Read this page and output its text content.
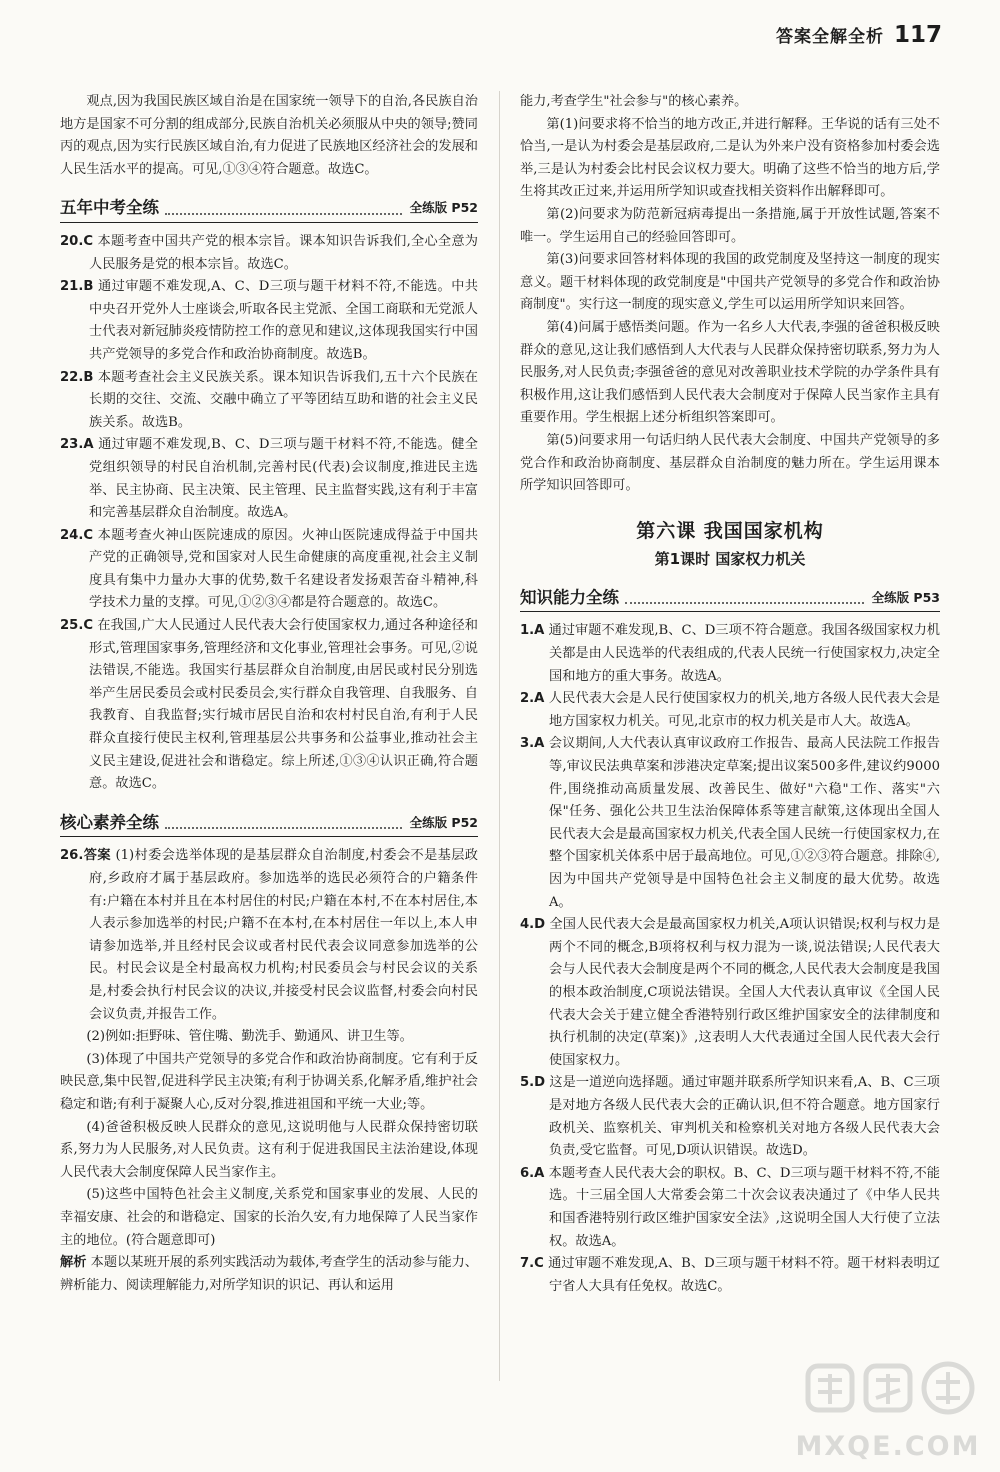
答案全解全析 117

观点,因为我国民族区域自治是在国家统一领导下的自治,各民族自治地方是国家不可分割的组成部分,民族自治机关必须服从中央的领导;赞同丙的观点,因为实行民族区域自治,有力促进了民族地区经济社会的发展和人民生活水平的提高。可见,①③④符合题意。故选C。

五年中考全练	全练版 P52

20.C 本题考查中国共产党的根本宗旨。课本知识告诉我们,全心全意为人民服务是党的根本宗旨。故选C。

21.B 通过审题不难发现,A、C、D三项与题干材料不符,不能选。中共中央召开党外人士座谈会,听取各民主党派、全国工商联和无党派人士代表对新冠肺炎疫情防控工作的意见和建议,这体现我国实行中国共产党领导的多党合作和政治协商制度。故选B。

22.B 本题考查社会主义民族关系。课本知识告诉我们,五十六个民族在长期的交往、交流、交融中确立了平等团结互助和谐的社会主义民族关系。故选B。

23.A 通过审题不难发现,B、C、D三项与题干材料不符,不能选。健全党组织领导的村民自治机制,完善村民(代表)会议制度,推进民主选举、民主协商、民主决策、民主管理、民主监督实践,这有利于丰富和完善基层群众自治制度。故选A。

24.C 本题考查火神山医院速成的原因。火神山医院速成得益于中国共产党的正确领导,党和国家对人民生命健康的高度重视,社会主义制度具有集中力量办大事的优势,数千名建设者发扬艰苦奋斗精神,科学技术力量的支撑。可见,①②③④都是符合题意的。故选C。

25.C 在我国,广大人民通过人民代表大会行使国家权力,通过各种途径和形式,管理国家事务,管理经济和文化事业,管理社会事务。可见,②说法错误,不能选。我国实行基层群众自治制度,由居民或村民分别选举产生居民委员会或村民委员会,实行群众自我管理、自我服务、自我教育、自我监督;实行城市居民自治和农村村民自治,有利于人民群众直接行使民主权利,管理基层公共事务和公益事业,推动社会主义民主建设,促进社会和谐稳定。综上所述,①③④认识正确,符合题意。故选C。

核心素养全练	全练版 P52

26.答案 (1)村委会选举体现的是基层群众自治制度,村委会不是基层政府,乡政府才属于基层政府。参加选举的选民必须符合的户籍条件有:户籍在本村并且在本村居住的村民;户籍在本村,不在本村居住,本人表示参加选举的村民;户籍不在本村,在本村居住一年以上,本人申请参加选举,并且经村民会议或者村民代表会议同意参加选举的公民。村民会议是全村最高权力机构;村民委员会与村民会议的关系是,村委会执行村民会议的决议,并接受村民会议监督,村委会向村民会议负责,并报告工作。

(2)例如:拒野味、管住嘴、勤洗手、勤通风、讲卫生等。

(3)体现了中国共产党领导的多党合作和政治协商制度。它有利于反映民意,集中民智,促进科学民主决策;有利于协调关系,化解矛盾,维护社会稳定和谐;有利于凝聚人心,反对分裂,推进祖国和平统一大业;等。

(4)爸爸积极反映人民群众的意见,这说明他与人民群众保持密切联系,努力为人民服务,对人民负责。这有利于促进我国民主法治建设,体现人民代表大会制度保障人民当家作主。

(5)这些中国特色社会主义制度,关系党和国家事业的发展、人民的幸福安康、社会的和谐稳定、国家的长治久安,有力地保障了人民当家作主的地位。(符合题意即可)

解析 本题以某班开展的系列实践活动为载体,考查学生的活动参与能力、辨析能力、阅读理解能力,对所学知识的识记、再认和运用

能力,考查学生"社会参与"的核心素养。

第(1)问要求将不恰当的地方改正,并进行解释。王华说的话有三处不恰当,一是认为村委会是基层政府,二是认为外来户没有资格参加村委会选举,三是认为村委会比村民会议权力要大。明确了这些不恰当的地方后,学生将其改正过来,并运用所学知识或查找相关资料作出解释即可。

第(2)问要求为防范新冠病毒提出一条措施,属于开放性试题,答案不唯一。学生运用自己的经验回答即可。

第(3)问要求回答材料体现的我国的政党制度及坚持这一制度的现实意义。题干材料体现的政党制度是"中国共产党领导的多党合作和政治协商制度"。实行这一制度的现实意义,学生可以运用所学知识来回答。

第(4)问属于感悟类问题。作为一名乡人大代表,李强的爸爸积极反映群众的意见,这让我们感悟到人大代表与人民群众保持密切联系,努力为人民服务,对人民负责;李强爸爸的意见对改善职业技术学院的办学条件具有积极作用,这让我们感悟到人民代表大会制度对于保障人民当家作主具有重要作用。学生根据上述分析组织答案即可。

第(5)问要求用一句话归纳人民代表大会制度、中国共产党领导的多党合作和政治协商制度、基层群众自治制度的魅力所在。学生运用课本所学知识回答即可。

第六课 我国国家机构
第1课时 国家权力机关
知识能力全练	全练版 P53

1.A 通过审题不难发现,B、C、D三项不符合题意。我国各级国家权力机关都是由人民选举的代表组成的,代表人民统一行使国家权力,决定全国和地方的重大事务。故选A。

2.A 人民代表大会是人民行使国家权力的机关,地方各级人民代表大会是地方国家权力机关。可见,北京市的权力机关是市人大。故选A。

3.A 会议期间,人大代表认真审议政府工作报告、最高人民法院工作报告等,审议民法典草案和涉港决定草案;提出议案500多件,建议约9000件,围绕推动高质量发展、改善民生、做好"六稳"工作、落实"六保"任务、强化公共卫生法治保障体系等建言献策,这体现出全国人民代表大会是最高国家权力机关,代表全国人民统一行使国家权力,在整个国家机关体系中居于最高地位。可见,①②③符合题意。排除④,因为中国共产党领导是中国特色社会主义制度的最大优势。故选A。

4.D 全国人民代表大会是最高国家权力机关,A项认识错误;权利与权力是两个不同的概念,B项将权利与权力混为一谈,说法错误;人民代表大会与人民代表大会制度是两个不同的概念,人民代表大会制度是我国的根本政治制度,C项说法错误。全国人大代表认真审议《全国人民代表大会关于建立健全香港特别行政区维护国家安全的法律制度和执行机制的决定(草案)》,这表明人大代表通过全国人民代表大会行使国家权力。

5.D 这是一道逆向选择题。通过审题并联系所学知识来看,A、B、C三项是对地方各级人民代表大会的正确认识,但不符合题意。地方国家行政机关、监察机关、审判机关和检察机关对地方各级人民代表大会负责,受它监督。可见,D项认识错误。故选D。

6.A 本题考查人民代表大会的职权。B、C、D三项与题干材料不符,不能选。十三届全国人大常委会第二十次会议表决通过了《中华人民共和国香港特别行政区维护国家安全法》,这说明全国人大行使了立法权。故选A。

7.C 通过审题不难发现,A、B、D三项与题干材料不符。题干材料表明辽宁省人大具有任免权。故选C。

MXQE.COM
